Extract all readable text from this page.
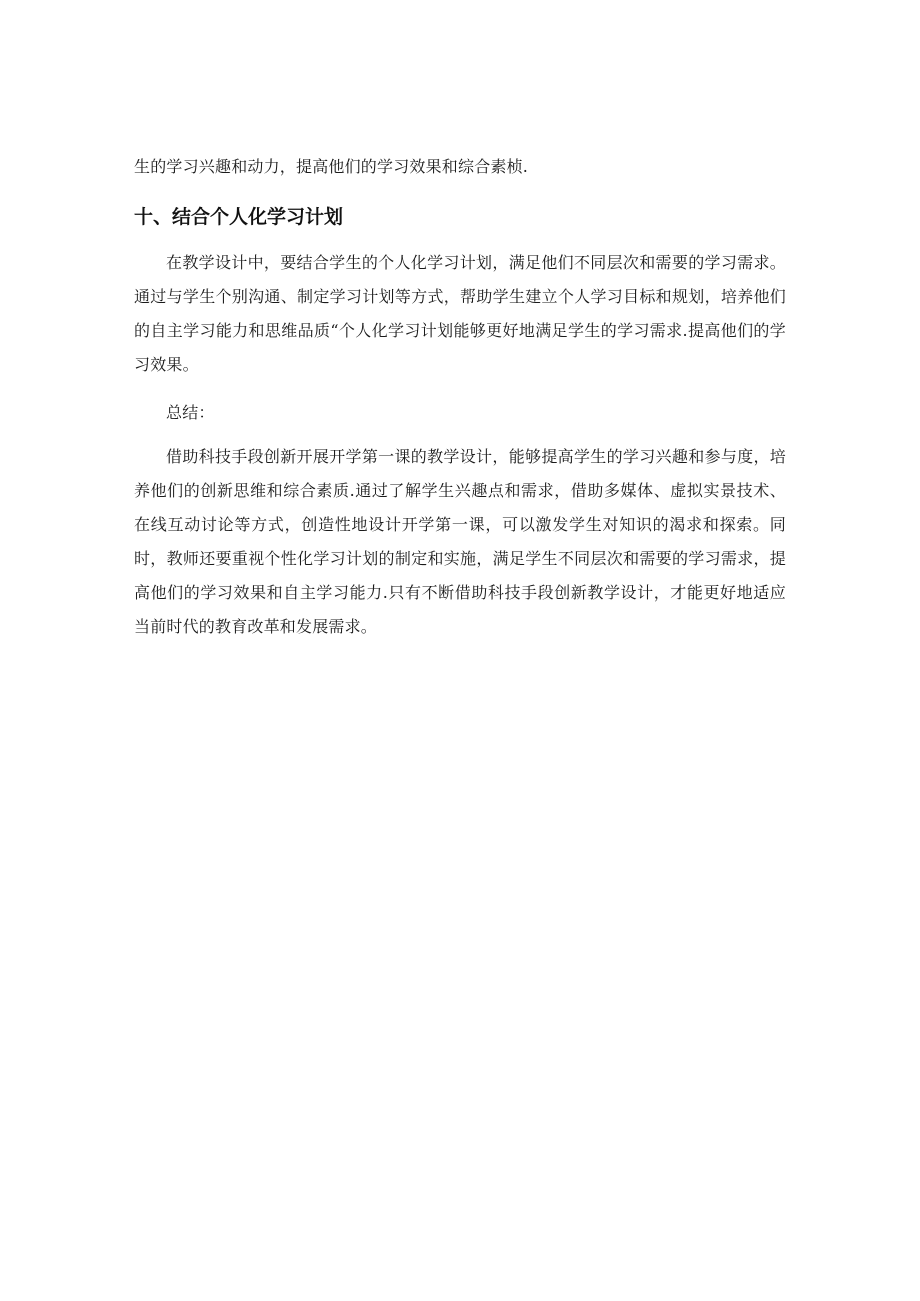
生的学习兴趣和动力，提高他们的学习效果和综合素桢.

十、结合个人化学习计划

在教学设计中，要结合学生的个人化学习计划，满足他们不同层次和需要的学习需求。通过与学生个别沟通、制定学习计划等方式，帮助学生建立个人学习目标和规划，培养他们的自主学习能力和思维品质“个人化学习计划能够更好地满足学生的学习需求.提高他们的学习效果。

总结：

借助科技手段创新开展开学第一课的教学设计，能够提高学生的学习兴趣和参与度，培养他们的创新思维和综合素质.通过了解学生兴趣点和需求，借助多媒体、虚拟实景技术、在线互动讨论等方式，创造性地设计开学第一课，可以激发学生对知识的渴求和探索。同时，教师还要重视个性化学习计划的制定和实施，满足学生不同层次和需要的学习需求，提高他们的学习效果和自主学习能力.只有不断借助科技手段创新教学设计，才能更好地适应当前时代的教育改革和发展需求。
